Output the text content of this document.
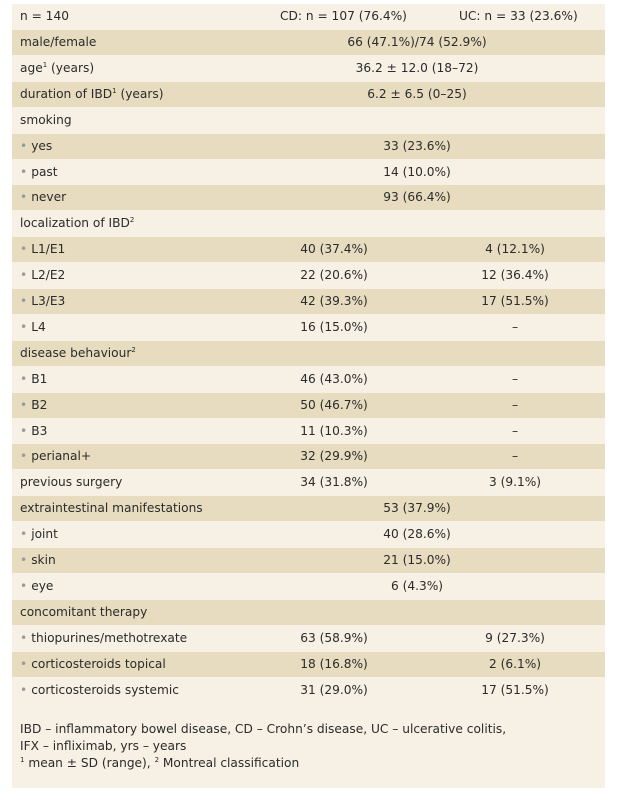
n = 140	CD: n = 107 (76.4%)	UC: n = 33 (23.6%)
male/female	66 (47.1%)/74 (52.9%)
age$^1$ (years)	36.2 ± 12.0 (18–72)
duration of IBD$^1$ (years)	6.2 ± 6.5 (0–25)
smoking
• yes	33 (23.6%)
• past	14 (10.0%)
• never	93 (66.4%)
localization of IBD$^2$
• L1/E1	40 (37.4%)	4 (12.1%)
• L2/E2	22 (20.6%)	12 (36.4%)
• L3/E3	42 (39.3%)	17 (51.5%)
• L4	16 (15.0%)	–
disease behaviour$^2$
• B1	46 (43.0%)	–
• B2	50 (46.7%)	–
• B3	11 (10.3%)	–
• perianal+	32 (29.9%)	–
previous surgery	34 (31.8%)	3 (9.1%)
extraintestinal manifestations	53 (37.9%)
• joint	40 (28.6%)
• skin	21 (15.0%)
• eye	6 (4.3%)
concomitant therapy
• thiopurines/methotrexate	63 (58.9%)	9 (27.3%)
• corticosteroids topical	18 (16.8%)	2 (6.1%)
• corticosteroids systemic	31 (29.0%)	17 (51.5%)
IBD – inflammatory bowel disease, CD – Crohn’s disease, UC – ulcerative colitis,
IFX – infliximab, yrs – years
$^1$ mean ± SD (range), $^2$ Montreal classification
